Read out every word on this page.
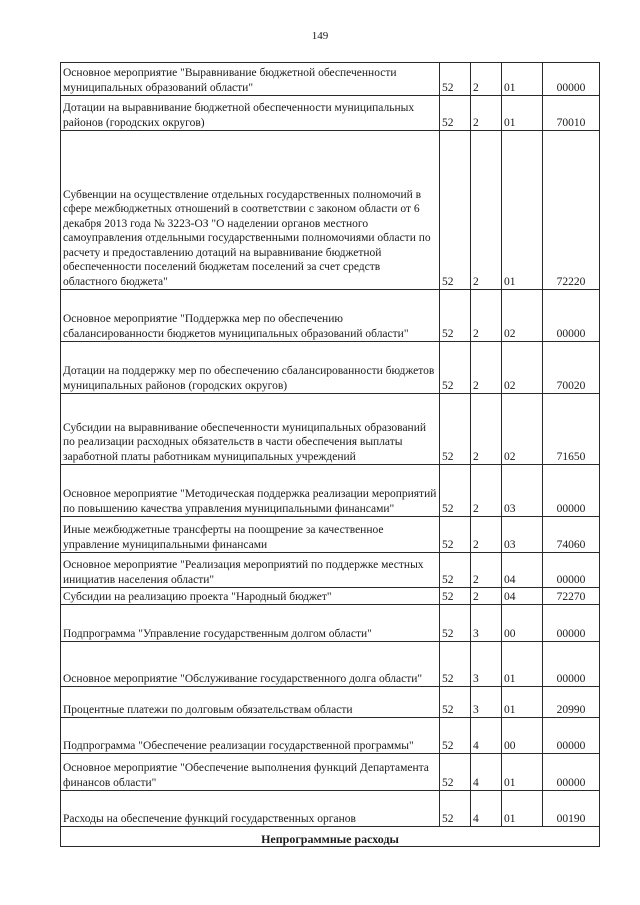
149
Основное мероприятие "Выравнивание бюджетной обеспеченности муниципальных образований области"	52	2	01	00000
Дотации на выравнивание бюджетной обеспеченности муниципальных районов (городских округов)	52	2	01	70010
Субвенции на осуществление отдельных государственных полномочий в сфере межбюджетных отношений в соответствии с законом области от 6 декабря 2013 года № 3223-ОЗ "О наделении органов местного самоуправления отдельными государственными полномочиями области по расчету и предоставлению дотаций на выравнивание бюджетной обеспеченности поселений бюджетам поселений за счет средств областного бюджета"	52	2	01	72220
Основное мероприятие "Поддержка мер по обеспечению сбалансированности бюджетов муниципальных образований области"	52	2	02	00000
Дотации на поддержку мер по обеспечению сбалансированности бюджетов муниципальных районов (городских округов)	52	2	02	70020
Субсидии на выравнивание обеспеченности муниципальных образований по реализации расходных обязательств в части обеспечения выплаты заработной платы работникам муниципальных учреждений	52	2	02	71650
Основное мероприятие "Методическая поддержка реализации мероприятий по повышению качества управления муниципальными финансами"	52	2	03	00000
Иные межбюджетные трансферты на поощрение за качественное управление муниципальными финансами	52	2	03	74060
Основное мероприятие "Реализация мероприятий по поддержке местных инициатив населения области"	52	2	04	00000
Субсидии на реализацию проекта "Народный бюджет"	52	2	04	72270
Подпрограмма "Управление государственным долгом области"	52	3	00	00000
Основное мероприятие "Обслуживание государственного долга области"	52	3	01	00000
Процентные платежи по долговым обязательствам области	52	3	01	20990
Подпрограмма "Обеспечение реализации государственной программы"	52	4	00	00000
Основное мероприятие "Обеспечение выполнения функций Департамента финансов области"	52	4	01	00000
Расходы на обеспечение функций государственных органов	52	4	01	00190
Непрограммные расходы				
